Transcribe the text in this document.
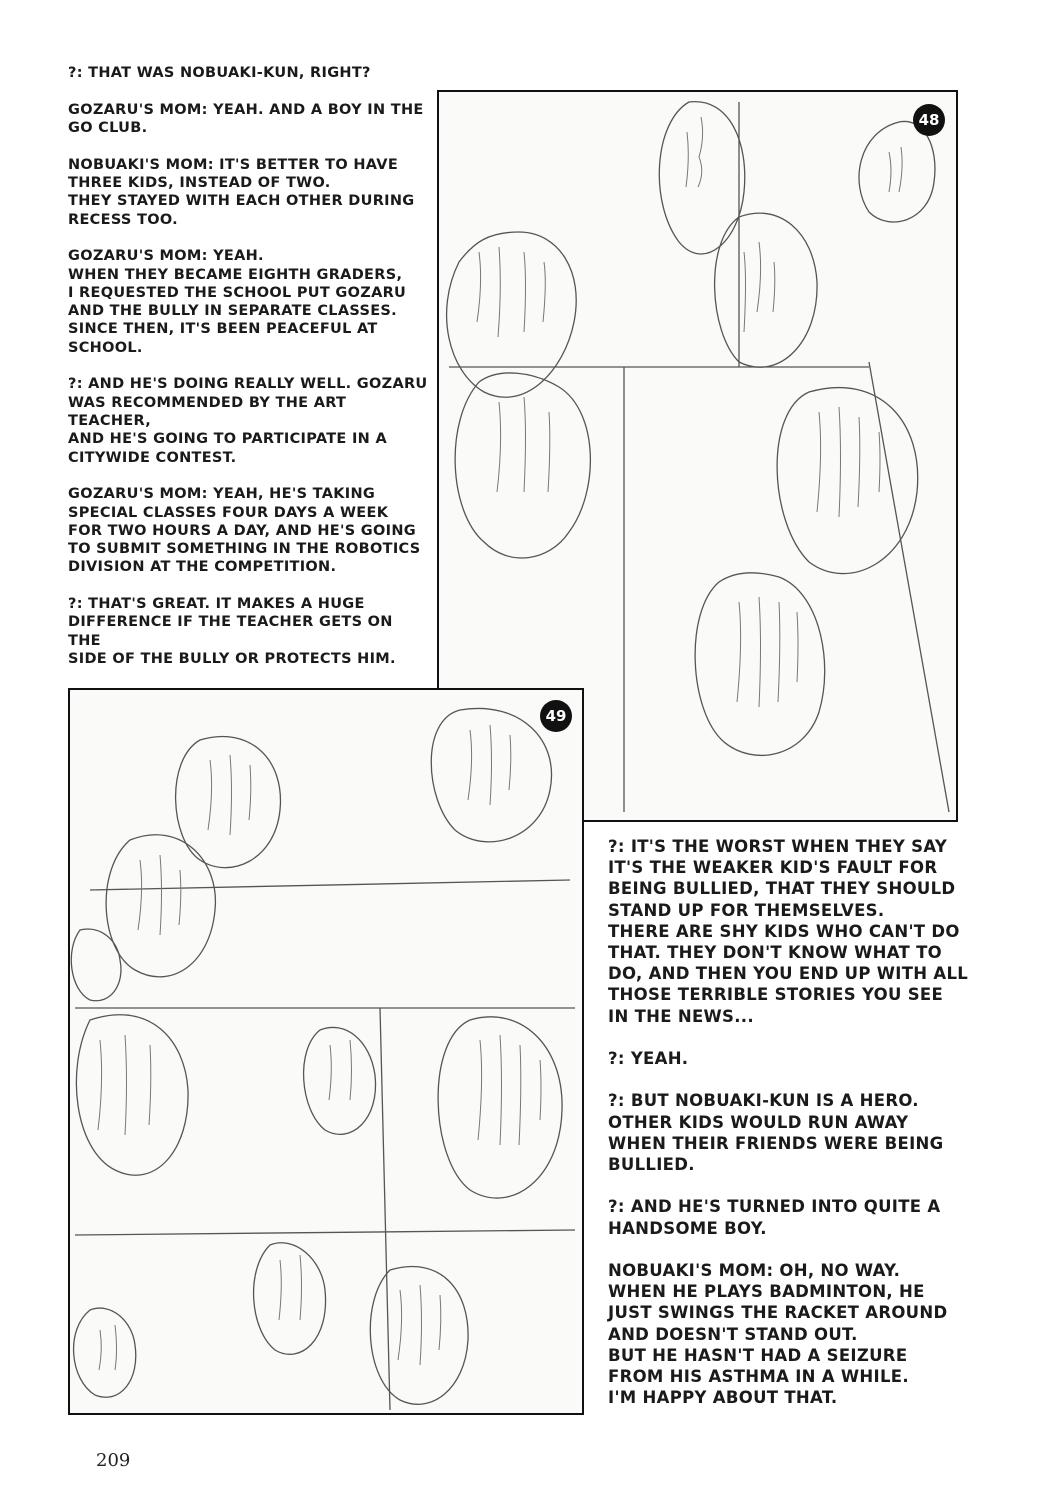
?: THAT WAS NOBUAKI-KUN, RIGHT?

GOZARU'S MOM: YEAH. AND A BOY IN THE
GO CLUB.

NOBUAKI'S MOM: IT'S BETTER TO HAVE
THREE KIDS, INSTEAD OF TWO.
THEY STAYED WITH EACH OTHER DURING
RECESS TOO.

GOZARU'S MOM: YEAH.
WHEN THEY BECAME EIGHTH GRADERS,
I REQUESTED THE SCHOOL PUT GOZARU
AND THE BULLY IN SEPARATE CLASSES.
SINCE THEN, IT'S BEEN PEACEFUL AT
SCHOOL.

?: AND HE'S DOING REALLY WELL. GOZARU
WAS RECOMMENDED BY THE ART TEACHER,
AND HE'S GOING TO PARTICIPATE IN A
CITYWIDE CONTEST.

GOZARU'S MOM: YEAH, HE'S TAKING
SPECIAL CLASSES FOUR DAYS A WEEK
FOR TWO HOURS A DAY, AND HE'S GOING
TO SUBMIT SOMETHING IN THE ROBOTICS
DIVISION AT THE COMPETITION.

?: THAT'S GREAT. IT MAKES A HUGE
DIFFERENCE IF THE TEACHER GETS ON THE
SIDE OF THE BULLY OR PROTECTS HIM.

48
49

?: IT'S THE WORST WHEN THEY SAY
IT'S THE WEAKER KID'S FAULT FOR
BEING BULLIED, THAT THEY SHOULD
STAND UP FOR THEMSELVES.
THERE ARE SHY KIDS WHO CAN'T DO
THAT. THEY DON'T KNOW WHAT TO
DO, AND THEN YOU END UP WITH ALL
THOSE TERRIBLE STORIES YOU SEE
IN THE NEWS...

?: YEAH.

?: BUT NOBUAKI-KUN IS A HERO.
OTHER KIDS WOULD RUN AWAY
WHEN THEIR FRIENDS WERE BEING
BULLIED.

?: AND HE'S TURNED INTO QUITE A
HANDSOME BOY.

NOBUAKI'S MOM: OH, NO WAY.
WHEN HE PLAYS BADMINTON, HE
JUST SWINGS THE RACKET AROUND
AND DOESN'T STAND OUT.
BUT HE HASN'T HAD A SEIZURE
FROM HIS ASTHMA IN A WHILE.
I'M HAPPY ABOUT THAT.

209
